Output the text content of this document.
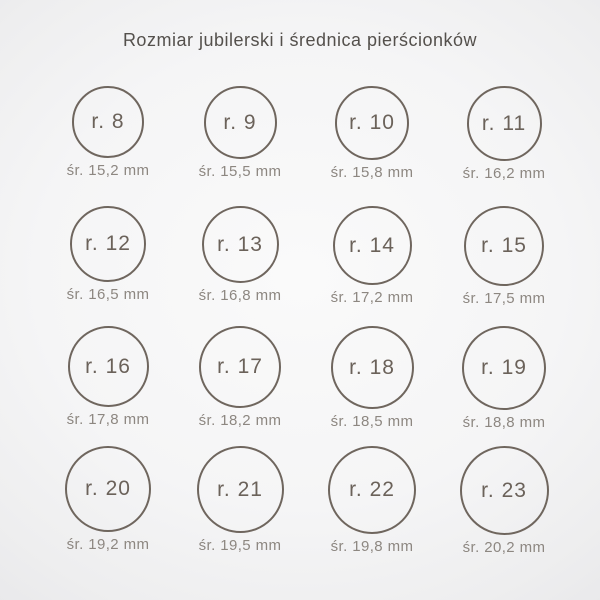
Rozmiar jubilerski i średnica pierścionków
r. 8
śr. 15,2 mm
r. 9
śr. 15,5 mm
r. 10
śr. 15,8 mm
r. 11
śr. 16,2 mm
r. 12
śr. 16,5 mm
r. 13
śr. 16,8 mm
r. 14
śr. 17,2 mm
r. 15
śr. 17,5 mm
r. 16
śr. 17,8 mm
r. 17
śr. 18,2 mm
r. 18
śr. 18,5 mm
r. 19
śr. 18,8 mm
r. 20
śr. 19,2 mm
r. 21
śr. 19,5 mm
r. 22
śr. 19,8 mm
r. 23
śr. 20,2 mm
